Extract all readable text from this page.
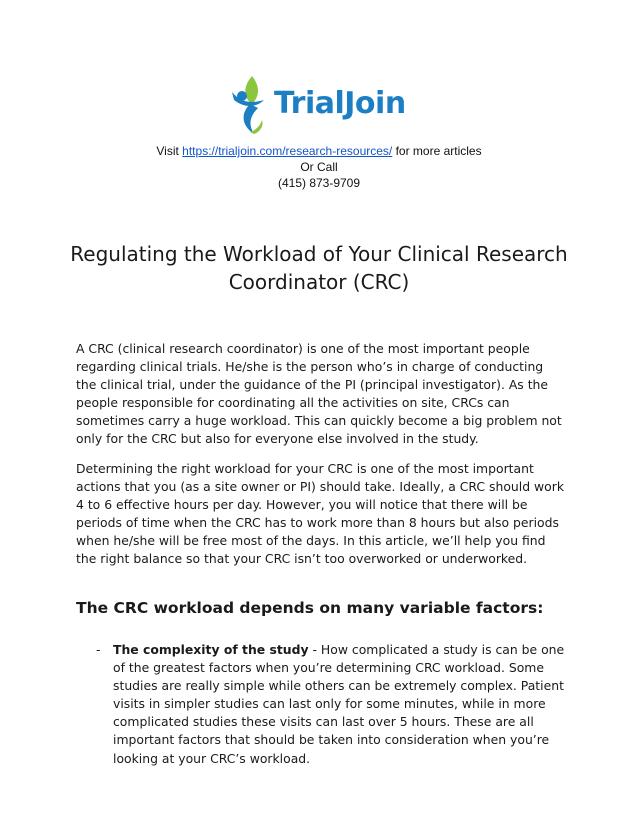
TrialJoin
Visit https://trialjoin.com/research-resources/ for more articles
Or Call
(415) 873-9709
Regulating the Workload of Your Clinical Research
Coordinator (CRC)

A CRC (clinical research coordinator) is one of the most important people regarding clinical trials. He/she is the person who’s in charge of conducting the clinical trial, under the guidance of the PI (principal investigator). As the people responsible for coordinating all the activities on site, CRCs can sometimes carry a huge workload. This can quickly become a big problem not only for the CRC but also for everyone else involved in the study.

Determining the right workload for your CRC is one of the most important actions that you (as a site owner or PI) should take. Ideally, a CRC should work 4 to 6 effective hours per day. However, you will notice that there will be periods of time when the CRC has to work more than 8 hours but also periods when he/she will be free most of the days. In this article, we’ll help you find the right balance so that your CRC isn’t too overworked or underworked.

The CRC workload depends on many variable factors:
- The complexity of the study - How complicated a study is can be one of the greatest factors when you’re determining CRC workload. Some studies are really simple while others can be extremely complex. Patient visits in simpler studies can last only for some minutes, while in more complicated studies these visits can last over 5 hours. These are all important factors that should be taken into consideration when you’re looking at your CRC’s workload.
